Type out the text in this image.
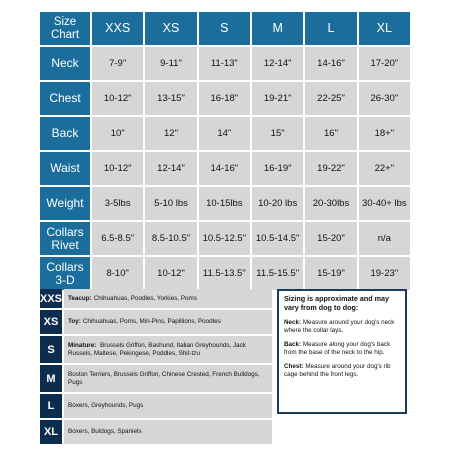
Size Chart	XXS	XS	S	M	L	XL
Neck	7-9"	9-11"	11-13"	12-14"	14-16"	17-20"
Chest	10-12"	13-15"	16-18"	19-21"	22-25"	26-30"
Back	10"	12"	14"	15"	16"	18+"
Waist	10-12"	12-14"	14-16"	16-19"	19-22"	22+"
Weight	3-5lbs	5-10 lbs	10-15lbs	10-20 lbs	20-30lbs	30-40+ lbs
Collars Rivet	6.5-8.5"	8.5-10.5"	10.5-12.5"	10.5-14.5"	15-20"	n/a
Collars 3-D	8-10"	10-12"	11.5-13.5"	11.5-15.5"	15-19"	19-23"
XXS Teacup: Chihuahuas, Poodles, Yorkies, Poms
XS	Toy: Chihuahuas, Poms, Min-Pins, Papillions, Poodles
S	Minature: Brussels Griffon, Bashund, Italian Greyhounds, Jack Russels, Maltese, Pekingese, Poddles, Shit-tzu
M	Boston Terriers, Brussels Griffon, Chinese Crested, French Bulldogs, Pugs
L	Boxers, Greyhounds, Pugs
XL	Boxers, Buldogs, Spaniels
Sizing is approximate and may vary from dog to dog:

Neck: Measure around your dog's neck where the collar lays.

Back: Measure along your dog's back from the base of the neck to the hip.

Chest: Measure around your dog's rib cage behind the front legs.
